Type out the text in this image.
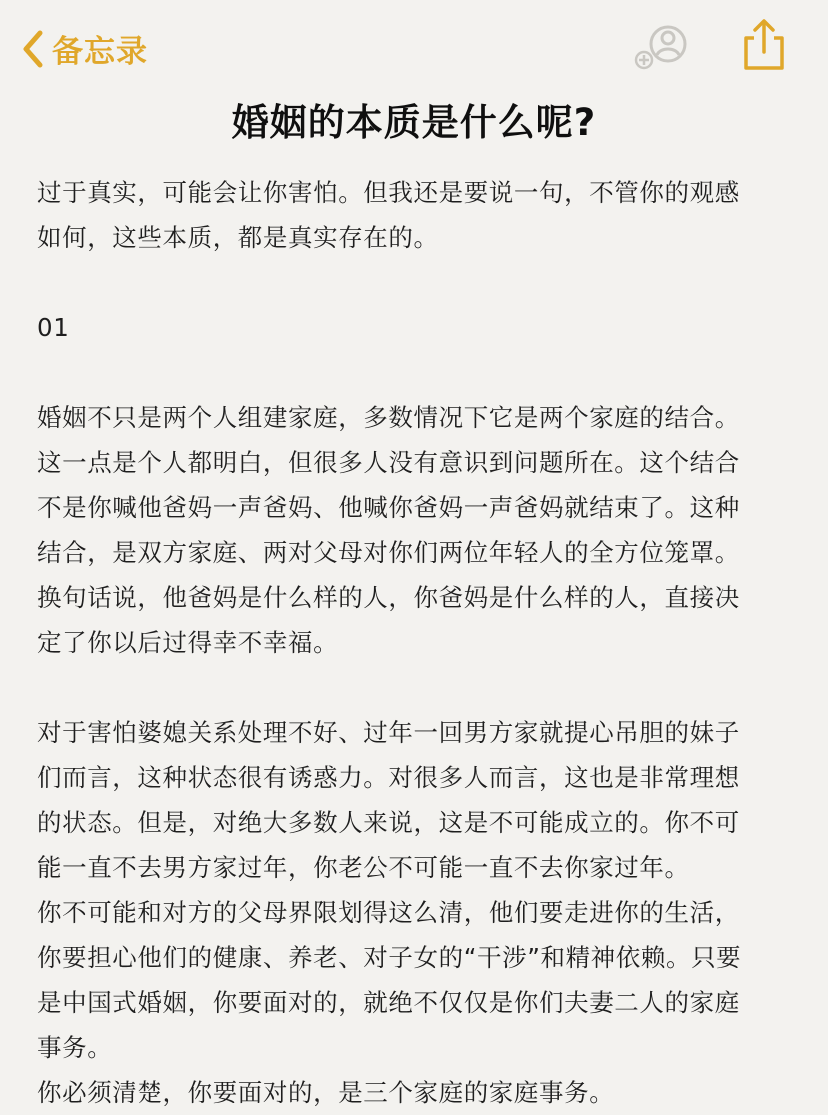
备忘录
婚姻的本质是什么呢?

过于真实，可能会让你害怕。但我还是要说一句，不管你的观感

如何，这些本质，都是真实存在的。

01

婚姻不只是两个人组建家庭，多数情况下它是两个家庭的结合。

这一点是个人都明白，但很多人没有意识到问题所在。这个结合

不是你喊他爸妈一声爸妈、他喊你爸妈一声爸妈就结束了。这种

结合，是双方家庭、两对父母对你们两位年轻人的全方位笼罩。

换句话说，他爸妈是什么样的人，你爸妈是什么样的人，直接决

定了你以后过得幸不幸福。

对于害怕婆媳关系处理不好、过年一回男方家就提心吊胆的妹子

们而言，这种状态很有诱惑力。对很多人而言，这也是非常理想

的状态。但是，对绝大多数人来说，这是不可能成立的。你不可

能一直不去男方家过年，你老公不可能一直不去你家过年。

你不可能和对方的父母界限划得这么清，他们要走进你的生活，

你要担心他们的健康、养老、对子女的“干涉”和精神依赖。只要

是中国式婚姻，你要面对的，就绝不仅仅是你们夫妻二人的家庭

事务。

你必须清楚，你要面对的，是三个家庭的家庭事务。
